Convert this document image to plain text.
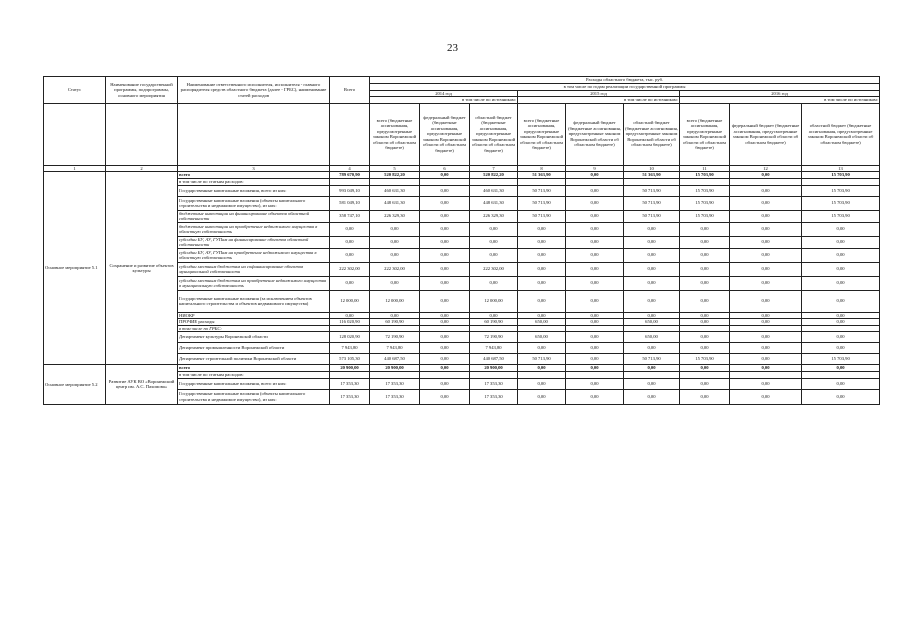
23
Статус	Наименование государственной программы, подпрограммы, основного мероприятия	Наименование ответственного исполнителя, исполнителя - главного распорядителя средств областного бюджета (далее - ГРБС), наименование статей расходов	Всего	Расходы областного бюджета, тыс. руб.								
				в том числе по годам реализации государственной программы								
				2014 год			2015 год			2016 год		
				в том числе по источникам:			в том числе по источникам:			в том числе по источникам:		
				всего (бюджетные ассигнования, предусмотренные законом Воронежской области об областном бюджете)	федеральный бюджет (бюджетные ассигнования, предусмотренные законом Воронежской области об областном бюджете)	областной бюджет (бюджетные ассигнования, предусмотренные законом Воронежской области об областном бюджете)	всего (бюджетные ассигнования, предусмотренные законом Воронежской области об областном бюджете)	федеральный бюджет (бюджетные ассигнования, предусмотренные законом Воронежской области об областном бюджете)	областной бюджет (бюджетные ассигнования, предусмотренные законом Воронежской области об областном бюджете)	всего (бюджетные ассигнования, предусмотренные законом Воронежской области об областном бюджете)	федеральный бюджет (бюджетные ассигнования, предусмотренные законом Воронежской области об областном бюджете)	областной бюджет (бюджетные ассигнования, предусмотренные законом Воронежской области об областном бюджете)
1	2	3	4	5	6	7	8	9	10	11	12	13
Основное мероприятие 5.1	Сохранение и развитие объектов культуры	всего	789 670,90	520 822,20	0,00	520 822,20	51 363,90	0,00	51 363,90	15 703,90	0,00	15 703,90
		в том числе по статьям расходов:										
		Государственные капитальные вложения, всего из них:	993 049,10	460 631,30	0,00	460 631,30	50 713,90	0,00	50 713,90	15 703,90	0,00	15 703,90
		Государственные капитальные вложения (объекты капитального строительства и недвижимое имущество), из них:	581 049,10	448 631,30	0,00	448 631,30	50 713,90	0,00	50 713,90	15 703,90	0,00	15 703,90
		бюджетные инвестиции на финансирование объектов областной собственности	358 747,10	226 329,30	0,00	226 329,30	50 713,90	0,00	50 713,90	15 703,90	0,00	15 703,90
		бюджетные инвестиции на приобретение недвижимого имущества в областную собственность	0,00	0,00	0,00	0,00	0,00	0,00	0,00	0,00	0,00	0,00
		субсидии БУ, АУ, ГУПам на финансирование объектов областной собственности	0,00	0,00	0,00	0,00	0,00	0,00	0,00	0,00	0,00	0,00
		субсидии БУ, АУ, ГУПам на приобретение недвижимого имущества в областную собственность	0,00	0,00	0,00	0,00	0,00	0,00	0,00	0,00	0,00	0,00
		субсидии местным бюджетам на софинансирование объектов муниципальной собственности	222 302,00	222 302,00	0,00	222 302,00	0,00	0,00	0,00	0,00	0,00	0,00
		субсидии местным бюджетам на приобретение недвижимого имущества в муниципальную собственность	0,00	0,00	0,00	0,00	0,00	0,00	0,00	0,00	0,00	0,00
		Государственные капитальные вложения (за исключением объектов капитального строительства и объектов недвижимого имущества)	12 000,00	12 000,00	0,00	12 000,00	0,00	0,00	0,00	0,00	0,00	0,00
		НИОКР	0,00	0,00	0,00	0,00	0,00	0,00	0,00	0,00	0,00	0,00
		ПРОЧИЕ расходы	116 020,90	60 190,90	0,00	60 190,90	650,00	0,00	650,00	0,00	0,00	0,00
		в том числе по ГРБС:										
		Департамент культуры Воронежской области	128 020,90	72 190,90	0,00	72 190,90	650,00	0,00	650,00	0,00	0,00	0,00
		Департамент промышленности Воронежской области	7 943,80	7 943,80	0,00	7 943,80	0,00	0,00	0,00	0,00	0,00	0,00
		Департамент строительной политики Воронежской области	573 105,30	440 687,50	0,00	440 687,50	50 713,90	0,00	50 713,90	15 703,90	0,00	15 703,90
Основное мероприятие 5.2	Развитие АУК ВО «Воронежский центр им. А.С. Пахомова»	всего	20 900,00	20 900,00	0,00	20 900,00	0,00	0,00	0,00	0,00	0,00	0,00
		в том числе по статьям расходов:										
		Государственные капитальные вложения, всего из них:	17 353,30	17 353,30	0,00	17 353,30	0,00	0,00	0,00	0,00	0,00	0,00
		Государственные капитальные вложения (объекты капитального строительства и недвижимое имущество), из них:	17 353,30	17 353,30	0,00	17 353,30	0,00	0,00	0,00	0,00	0,00	0,00
